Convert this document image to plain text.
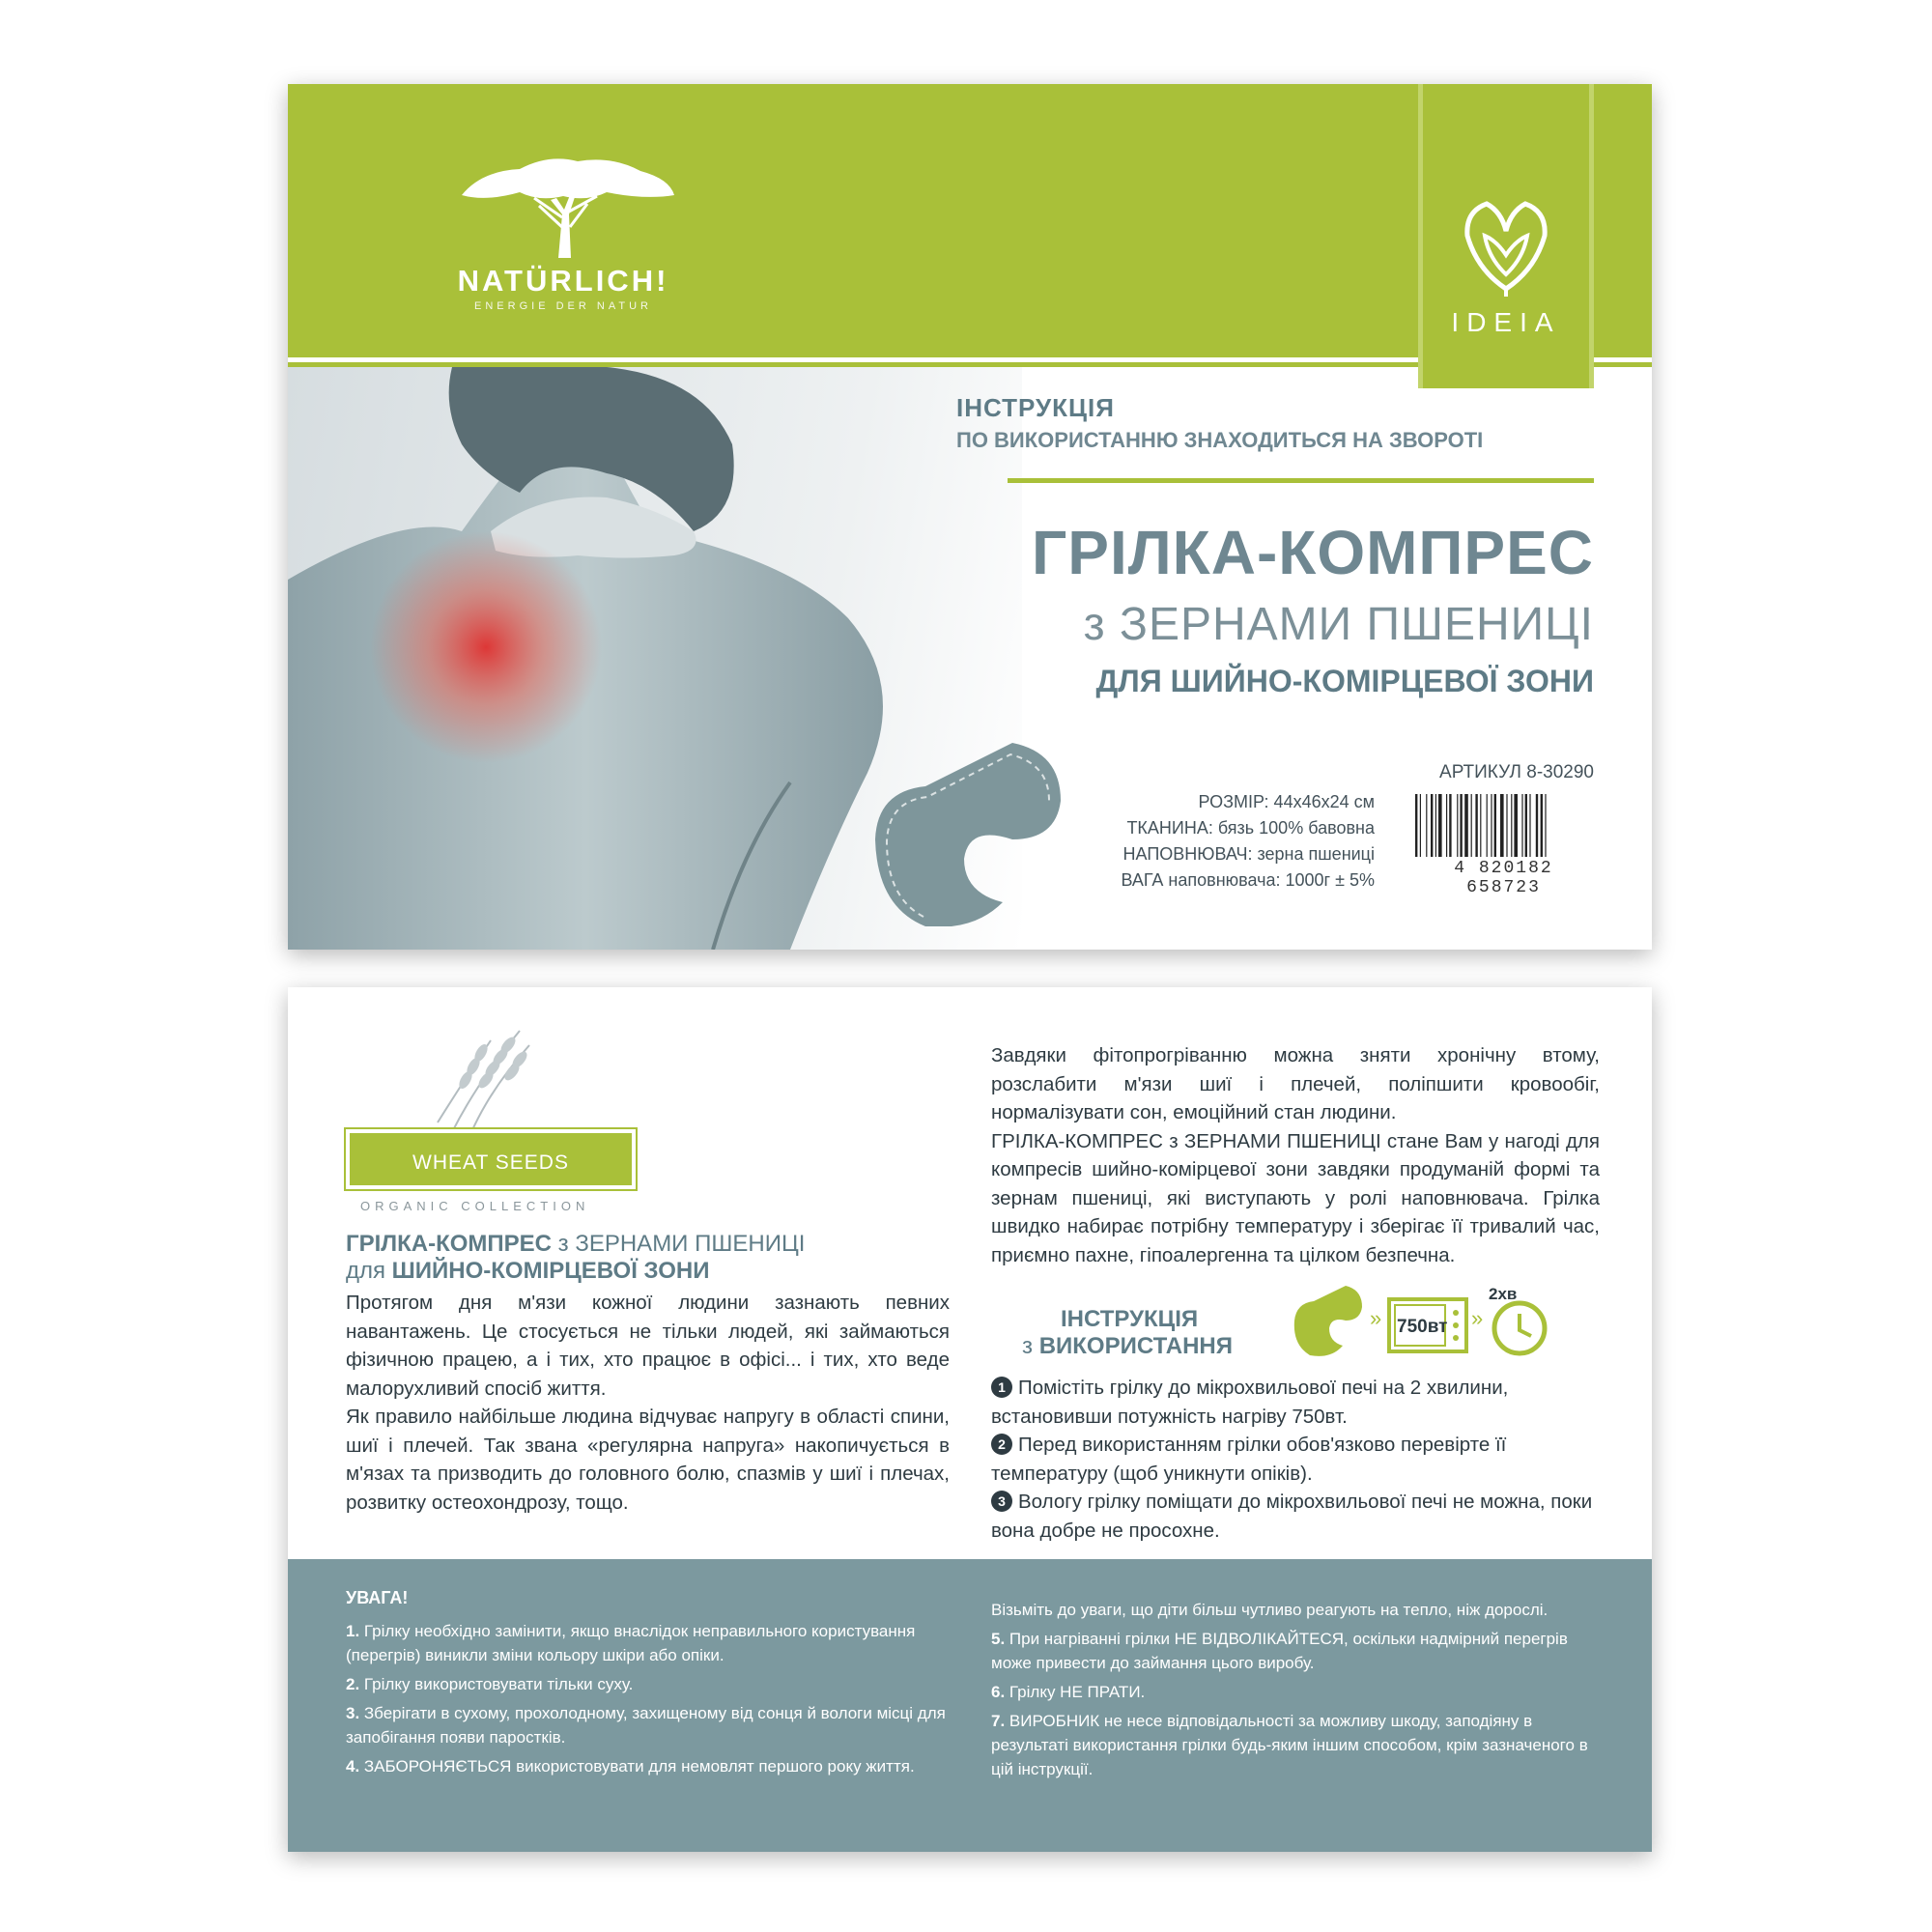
NATÜRLICH!
ENERGIE DER NATUR
IDEIA
ІНСТРУКЦІЯ
ПО ВИКОРИСТАННЮ ЗНАХОДИТЬСЯ НА ЗВОРОТІ
ГРІЛКА-КОМПРЕС
з ЗЕРНАМИ ПШЕНИЦІ
ДЛЯ ШИЙНО-КОМІРЦЕВОЇ ЗОНИ
РОЗМІР: 44х46х24 см
ТКАНИНА: бязь 100% бавовна
НАПОВНЮВАЧ: зерна пшениці
ВАГА наповнювача: 1000г ± 5%
АРТИКУЛ 8-30290
4 820182 658723
WHEAT SEEDS
ORGANIC COLLECTION
ГРІЛКА-КОМПРЕС з ЗЕРНАМИ ПШЕНИЦІ
для ШИЙНО-КОМІРЦЕВОЇ ЗОНИ

Протягом дня м'язи кожної людини зазнають певних навантажень. Це стосується не тільки людей, які займаються фізичною працею, а і тих, хто працює в офісі... і тих, хто веде малорухливий спосіб життя.

Як правило найбільше людина відчуває напругу в області спини, шиї і плечей. Так звана «регулярна напруга» накопичується в м'язах та призводить до головного болю, спазмів у шиї і плечах, розвитку остеохондрозу, тощо.

Завдяки фітопрогріванню можна зняти хронічну втому, розслабити м'язи шиї і плечей, поліпшити кровообіг, нормалізувати сон, емоційний стан людини.

ГРІЛКА-КОМПРЕС з ЗЕРНАМИ ПШЕНИЦІ стане Вам у нагоді для компресів шийно-комірцевої зони завдяки продуманій формі та зернам пшениці, які виступають у ролі наповнювача. Грілка швидко набирає потрібну температуру і зберігає її тривалий час, приємно пахне, гіпоалергенна та цілком безпечна.

ІНСТРУКЦІЯ
з ВИКОРИСТАННЯ
» 750вт »
2хв

1 Помістіть грілку до мікрохвильової печі на 2 хвилини, встановивши потужність нагріву 750вт.

2 Перед використанням грілки обов'язково перевірте її температуру (щоб уникнути опіків).

3 Вологу грілку поміщати до мікрохвильової печі не можна, поки вона добре не просохне.

УВАГА!

1. Грілку необхідно замінити, якщо внаслідок неправильного користування (перегрів) виникли зміни кольору шкіри або опіки.

2. Грілку використовувати тільки суху.

3. Зберігати в сухому, прохолодному, захищеному від сонця й вологи місці для запобігання появи паростків.

4. ЗАБОРОНЯЄТЬСЯ використовувати для немовлят першого року життя.

Візьміть до уваги, що діти більш чутливо реагують на тепло, ніж дорослі.

5. При нагріванні грілки НЕ ВІДВОЛІКАЙТЕСЯ, оскільки надмірний перегрів може привести до займання цього виробу.

6. Грілку НЕ ПРАТИ.

7. ВИРОБНИК не несе відповідальності за можливу шкоду, заподіяну в результаті використання грілки будь-яким іншим способом, крім зазначеного в цій інструкції.
